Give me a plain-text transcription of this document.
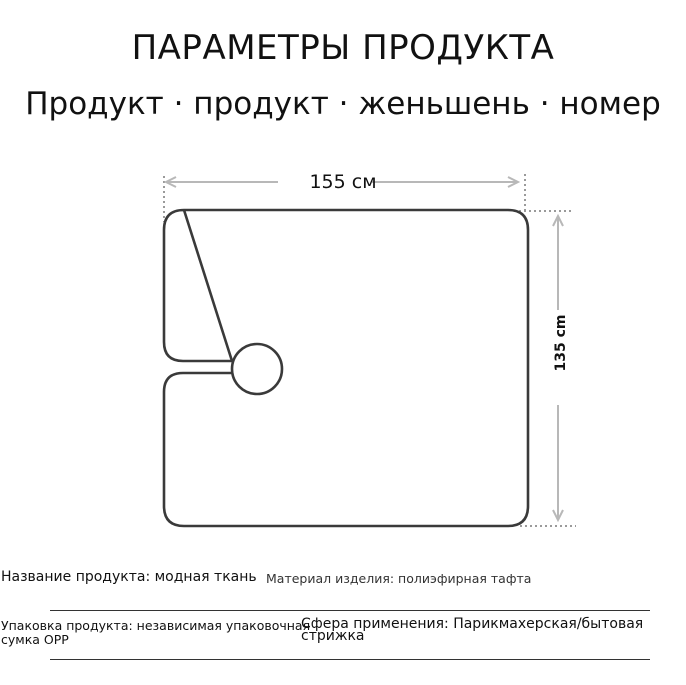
ПАРАМЕТРЫ ПРОДУКТА
Продукт · продукт · женьшень · номер
155 см
135 cm
Название продукта: модная ткань Материал изделия: полиэфирная тафта
Упаковка продукта: независимая упаковочная сумка OPP
Сфера применения: Парикмахерская/бытовая стрижка
